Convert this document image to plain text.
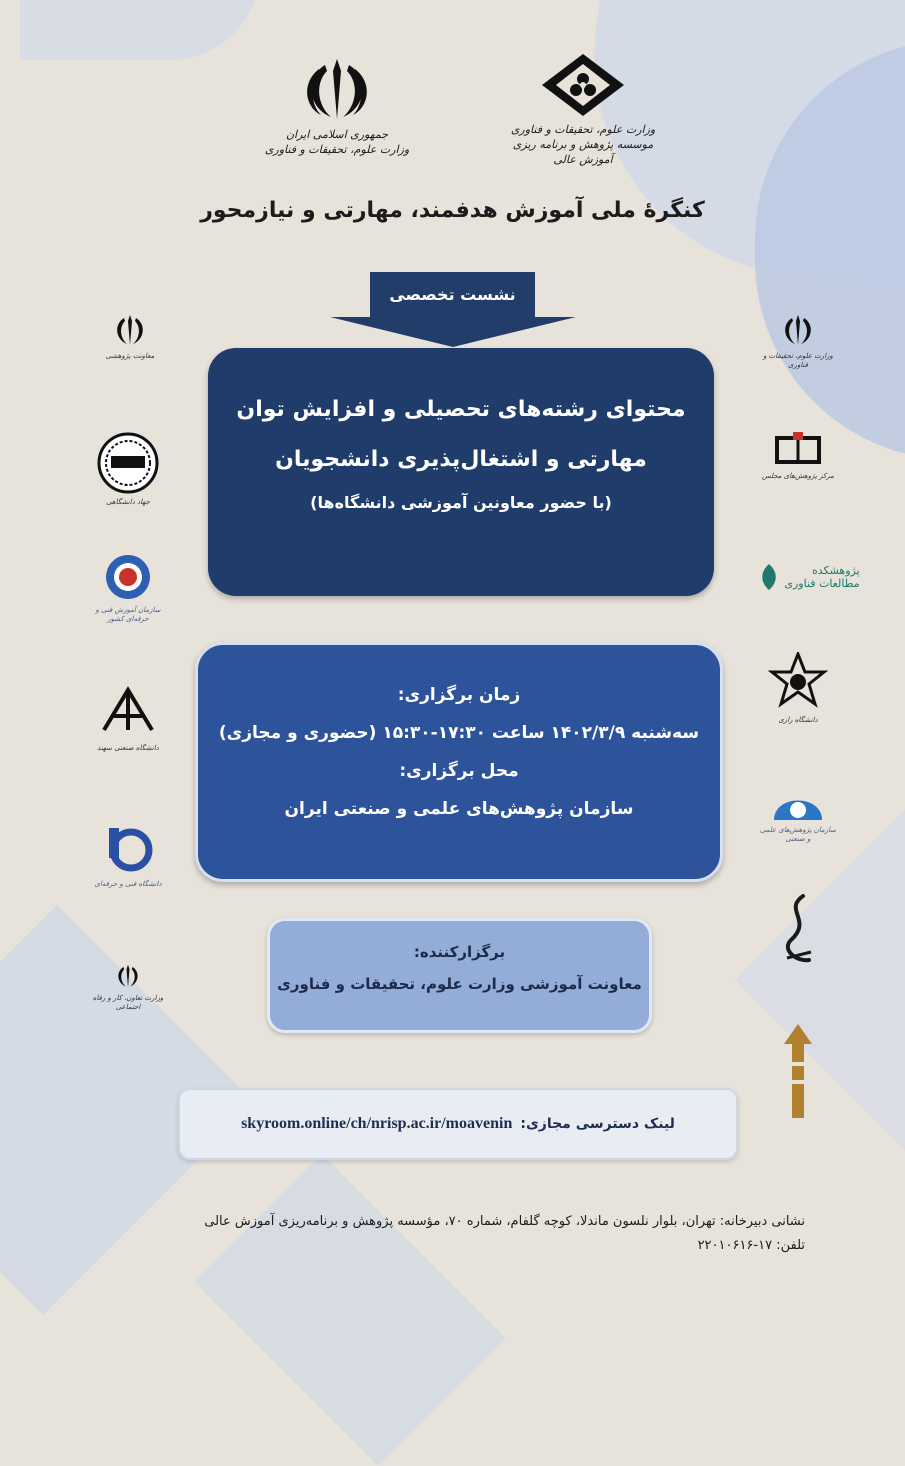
جمهوری اسلامی ایران
وزارت علوم، تحقیقات و فناوری
وزارت علوم، تحقیقات و فناوری
موسسه پژوهش و برنامه ریزی آموزش عالی
کنگرهٔ ملی آموزش هدفمند، مهارتی و نیازمحور
نشست تخصصی
محتوای رشته‌های تحصیلی و افزایش توان
مهارتی و اشتغال‌پذیری دانشجویان
(با حضور معاونین آموزشی دانشگاه‌ها)
زمان برگزاری:
سه‌شنبه ۱۴۰۲/۳/۹ ساعت ۱۷:۳۰-۱۵:۳۰ (حضوری و مجازی)
محل برگزاری:
سازمان پژوهش‌های علمی و صنعتی ایران
برگزارکننده:
معاونت آموزشی وزارت علوم، تحقیقات و فناوری
لینک دسترسی مجازی:
skyroom.online/ch/nrisp.ac.ir/moavenin
نشانی دبیرخانه: تهران، بلوار نلسون ماندلا، کوچه گلفام، شماره ۷۰، مؤسسه پژوهش و برنامه‌ریزی آموزش عالی
تلفن: ۱۷-۲۲۰۱۰۶۱۶
معاونت پژوهشی
جهاد دانشگاهی
سازمان آموزش فنی و حرفه‌ای کشور
دانشگاه صنعتی سهند
دانشگاه فنی و حرفه‌ای
وزارت تعاون، کار و رفاه اجتماعی
وزارت علوم، تحقیقات و فناوری
مرکز پژوهش‌های مجلس
پژوهشکده
مطالعات فناوری
دانشگاه رازی
سازمان پژوهش‌های علمی و صنعتی
